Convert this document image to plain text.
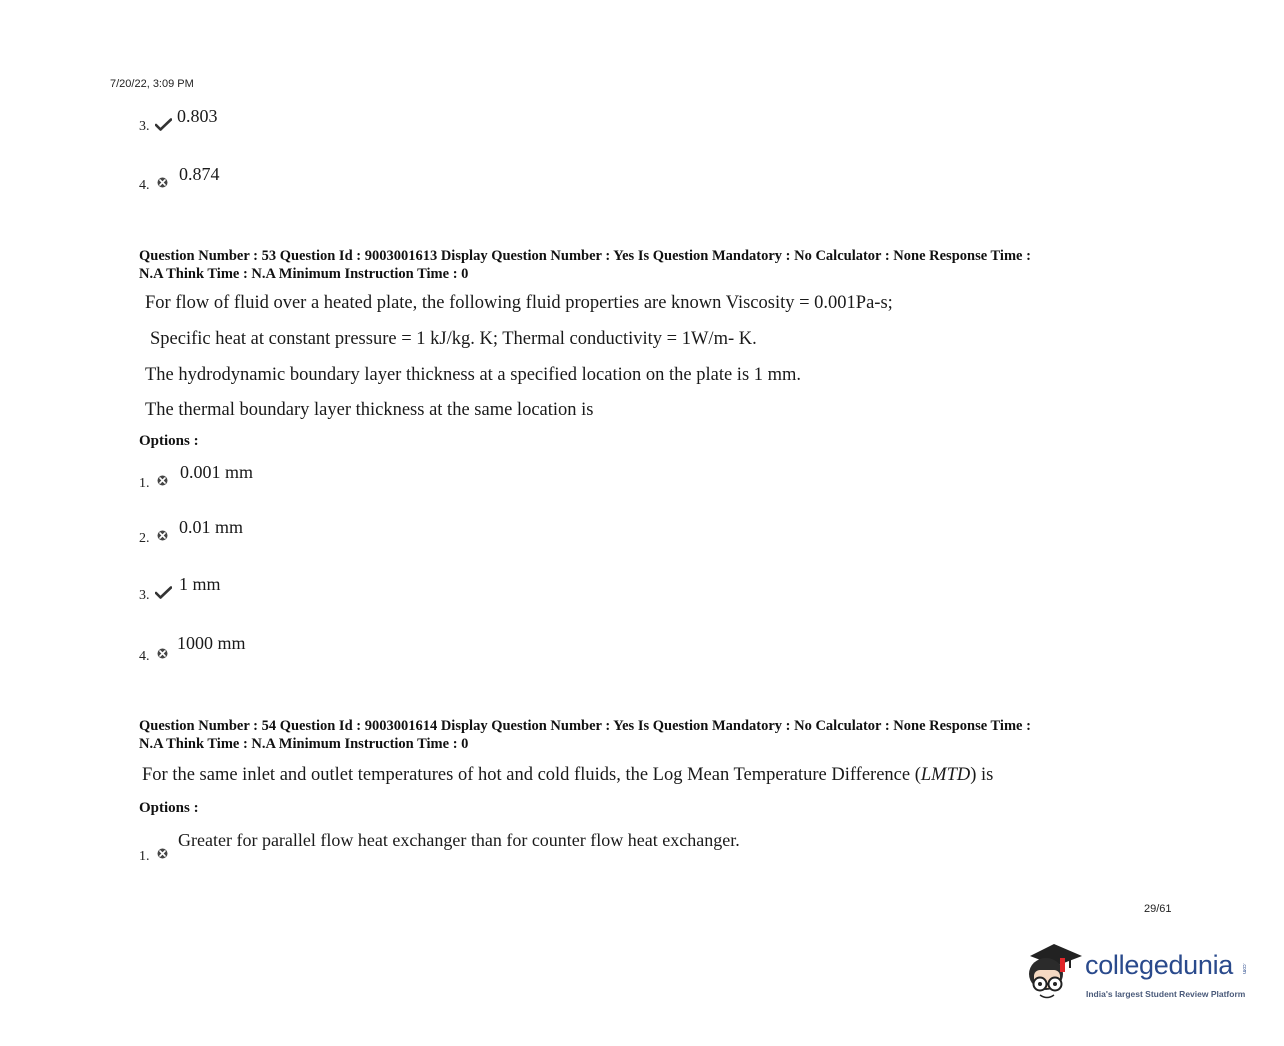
7/20/22, 3:09 PM
3.
0.803
4.
0.874
Question Number : 53 Question Id : 9003001613 Display Question Number : Yes Is Question Mandatory : No Calculator : None Response Time :
N.A Think Time : N.A Minimum Instruction Time : 0
For flow of fluid over a heated plate, the following fluid properties are known Viscosity = 0.001Pa-s;
Specific heat at constant pressure = 1 kJ/kg. K; Thermal conductivity = 1W/m- K.
The hydrodynamic boundary layer thickness at a specified location on the plate is 1 mm.
The thermal boundary layer thickness at the same location is
Options :
1.
0.001 mm
2.
0.01 mm
3.
1 mm
4.
1000 mm
Question Number : 54 Question Id : 9003001614 Display Question Number : Yes Is Question Mandatory : No Calculator : None Response Time :
N.A Think Time : N.A Minimum Instruction Time : 0
For the same inlet and outlet temperatures of hot and cold fluids, the Log Mean Temperature Difference (LMTD) is
Options :
1.
Greater for parallel flow heat exchanger than for counter flow heat exchanger.
29/61
collegedunia .com
India's largest Student Review Platform
